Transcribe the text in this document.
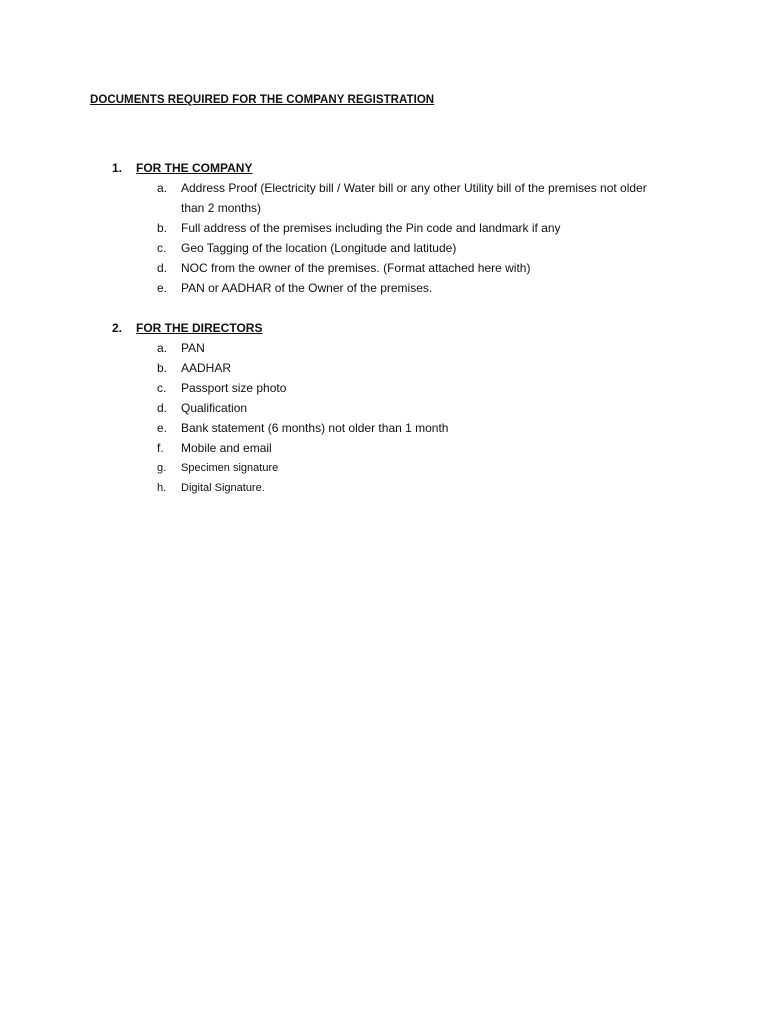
DOCUMENTS REQUIRED FOR THE COMPANY REGISTRATION
1.	FOR THE COMPANY
a.	Address Proof (Electricity bill / Water bill or any other Utility bill of the premises not older than 2 months)
b.	Full address of the premises including the Pin code and landmark if any
c.	Geo Tagging of the location (Longitude and latitude)
d.	NOC from the owner of the premises. (Format attached here with)
e.	PAN or AADHAR of the Owner of the premises.
2.	FOR THE DIRECTORS
a.	PAN
b.	AADHAR
c.	Passport size photo
d.	Qualification
e.	Bank statement (6 months) not older than 1 month
f.	Mobile and email
g.	Specimen signature
h.	Digital Signature.
